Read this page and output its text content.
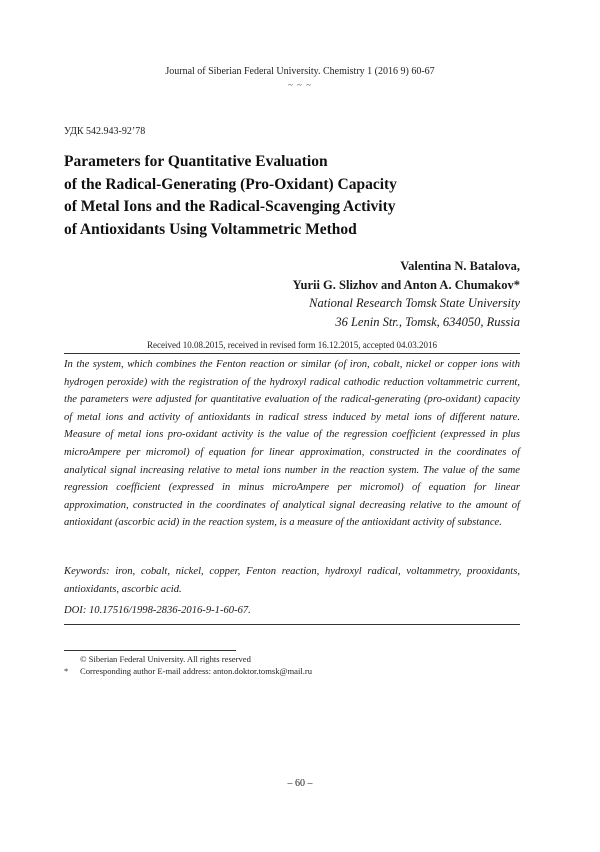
Journal of Siberian Federal University. Chemistry 1 (2016 9) 60-67
~ ~ ~
УДК 542.943-92’78
Parameters for Quantitative Evaluation
of the Radical-Generating (Pro-Oxidant) Capacity
of Metal Ions and the Radical-Scavenging Activity
of Antioxidants Using Voltammetric Method
Valentina N. Batalova,
Yurii G. Slizhov and Anton A. Chumakov*
National Research Tomsk State University
36 Lenin Str., Tomsk, 634050, Russia
Received 10.08.2015, received in revised form 16.12.2015, accepted 04.03.2016

In the system, which combines the Fenton reaction or similar (of iron, cobalt, nickel or copper ions with hydrogen peroxide) with the registration of the hydroxyl radical cathodic reduction voltammetric current, the parameters were adjusted for quantitative evaluation of the radical-generating (pro-oxidant) capacity of metal ions and activity of antioxidants in radical stress induced by metal ions of different nature. Measure of metal ions pro-oxidant activity is the value of the regression coefficient (expressed in plus microAmpere per micromol) of equation for linear approximation, constructed in the coordinates of analytical signal increasing relative to metal ions number in the reaction system. The value of the same regression coefficient (expressed in minus microAmpere per micromol) of equation for linear approximation, constructed in the coordinates of analytical signal decreasing relative to the amount of antioxidant (ascorbic acid) in the reaction system, is a measure of the antioxidant activity of substance.

Keywords: iron, cobalt, nickel, copper, Fenton reaction, hydroxyl radical, voltammetry, prooxidants, antioxidants, ascorbic acid.

DOI: 10.17516/1998-2836-2016-9-1-60-67.
© Siberian Federal University. All rights reserved
* Corresponding author E-mail address: anton.doktor.tomsk@mail.ru
– 60 –
